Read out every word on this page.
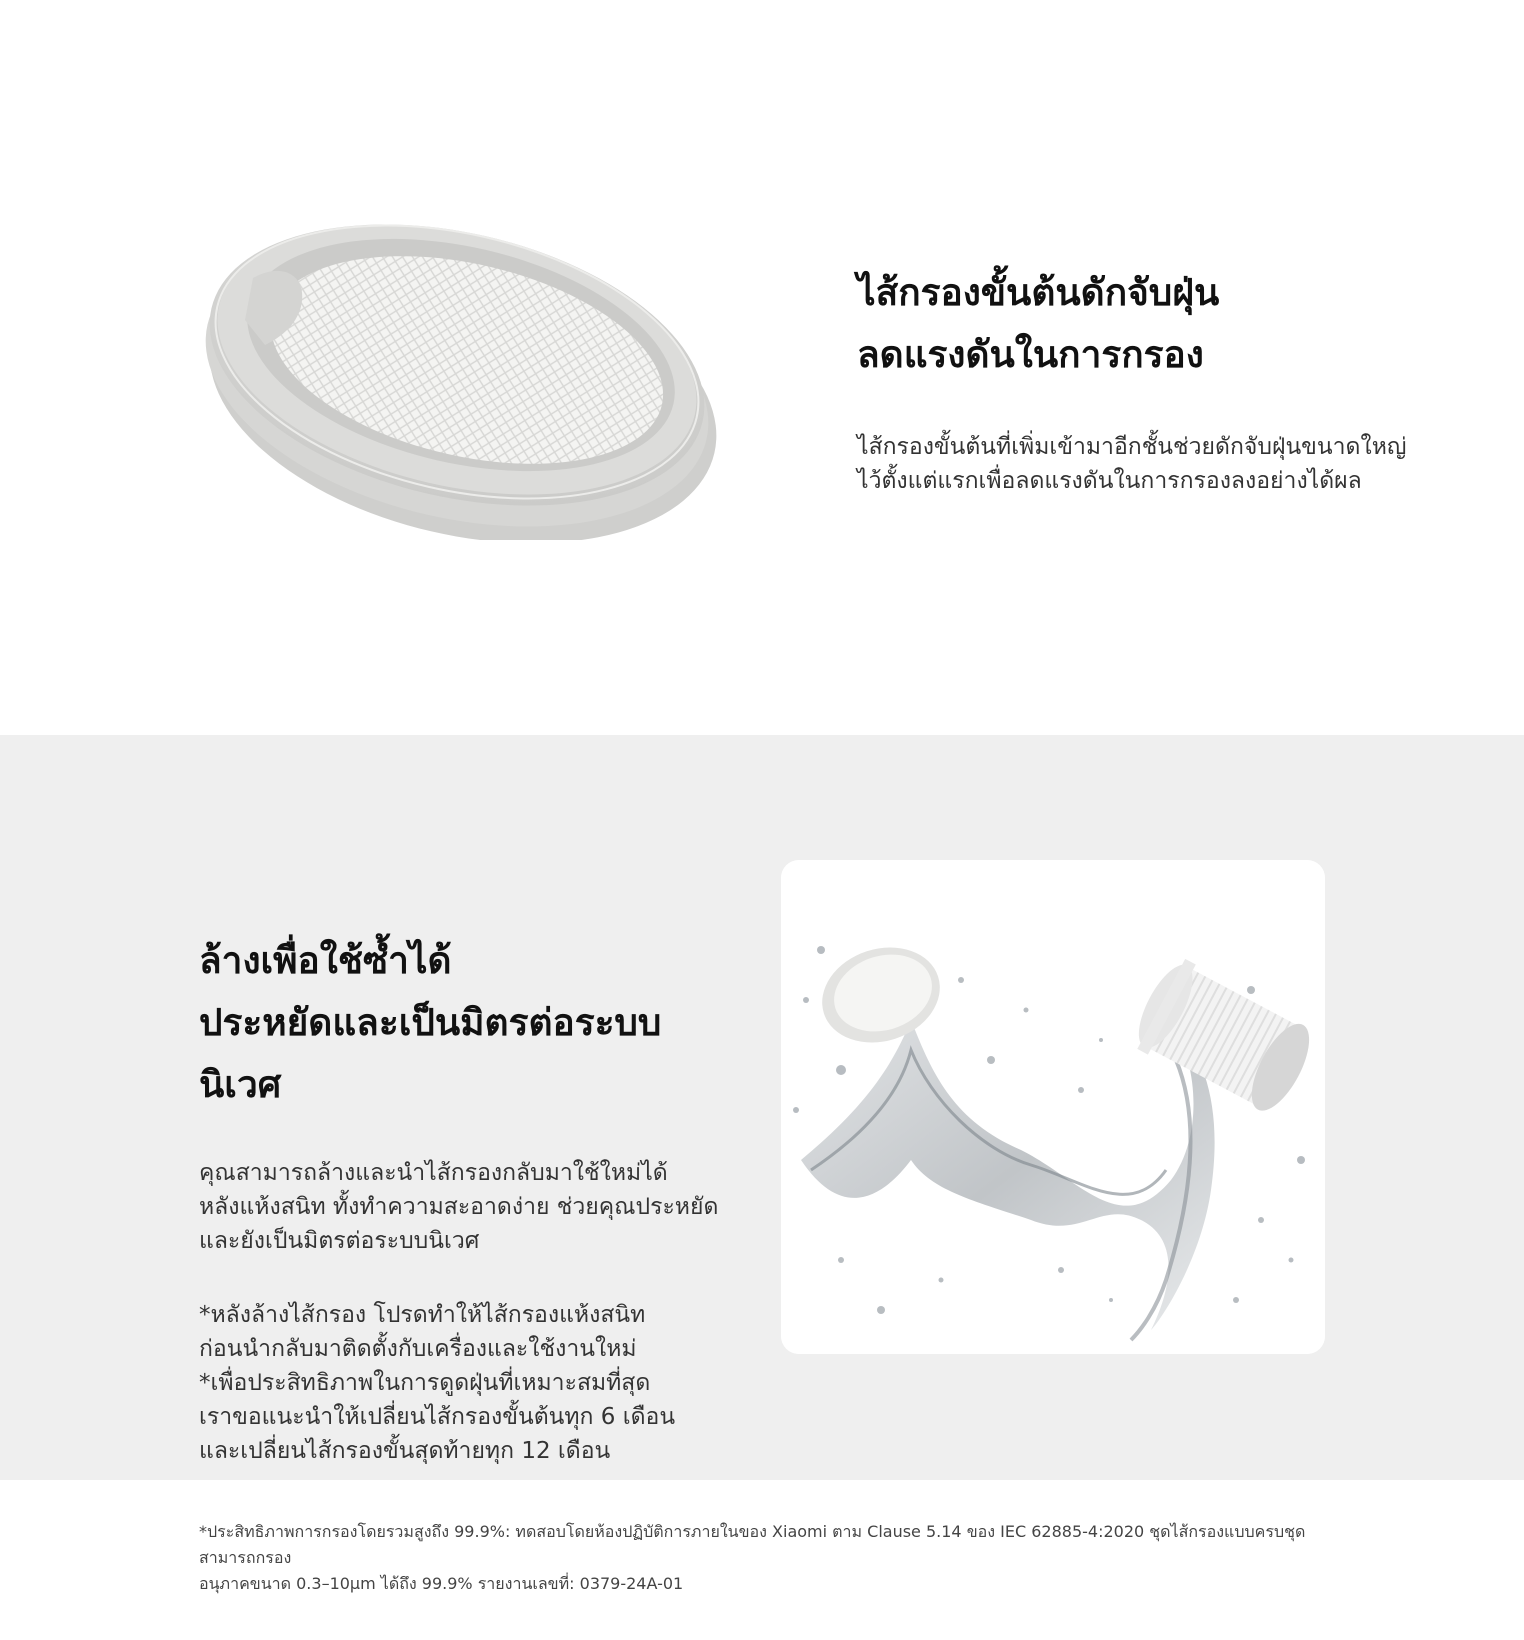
ไส้กรองขั้นต้นดักจับฝุ่น
ลดแรงดันในการกรอง

ไส้กรองขั้นต้นที่เพิ่มเข้ามาอีกชั้นช่วยดักจับฝุ่นขนาดใหญ่
ไว้ตั้งแต่แรกเพื่อลดแรงดันในการกรองลงอย่างได้ผล

ล้างเพื่อใช้ซ้ำได้
ประหยัดและเป็นมิตรต่อระบบนิเวศ

คุณสามารถล้างและนำไส้กรองกลับมาใช้ใหม่ได้
หลังแห้งสนิท ทั้งทำความสะอาดง่าย ช่วยคุณประหยัด
และยังเป็นมิตรต่อระบบนิเวศ

*หลังล้างไส้กรอง โปรดทำให้ไส้กรองแห้งสนิท
ก่อนนำกลับมาติดตั้งกับเครื่องและใช้งานใหม่
*เพื่อประสิทธิภาพในการดูดฝุ่นที่เหมาะสมที่สุด
เราขอแนะนำให้เปลี่ยนไส้กรองขั้นต้นทุก 6 เดือน
และเปลี่ยนไส้กรองขั้นสุดท้ายทุก 12 เดือน

*ประสิทธิภาพการกรองโดยรวมสูงถึง 99.9%: ทดสอบโดยห้องปฏิบัติการภายในของ Xiaomi ตาม Clause 5.14 ของ IEC 62885-4:2020 ชุดไส้กรองแบบครบชุดสามารถกรอง
อนุภาคขนาด 0.3–10μm ได้ถึง 99.9% รายงานเลขที่: 0379-24A-01
